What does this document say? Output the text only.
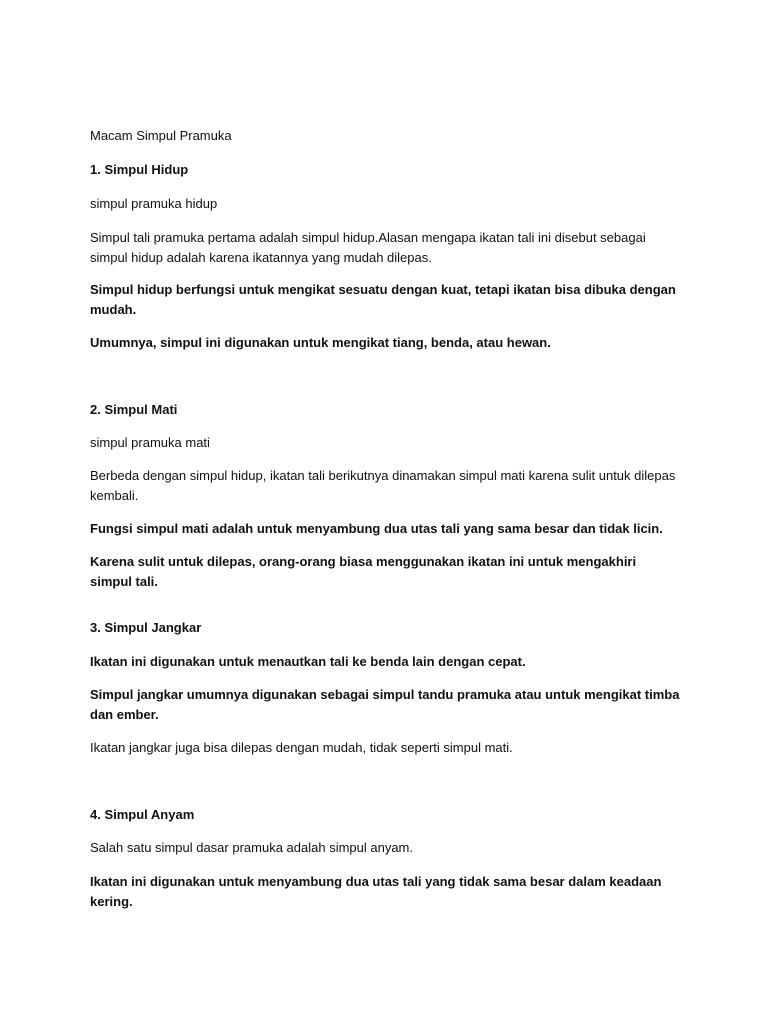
Macam Simpul Pramuka
1. Simpul Hidup
simpul pramuka hidup
Simpul tali pramuka pertama adalah simpul hidup.Alasan mengapa ikatan tali ini disebut sebagai simpul hidup adalah karena ikatannya yang mudah dilepas.
Simpul hidup berfungsi untuk mengikat sesuatu dengan kuat, tetapi ikatan bisa dibuka dengan mudah.
Umumnya, simpul ini digunakan untuk mengikat tiang, benda, atau hewan.
2. Simpul Mati
simpul pramuka mati
Berbeda dengan simpul hidup, ikatan tali berikutnya dinamakan simpul mati karena sulit untuk dilepas kembali.
Fungsi simpul mati adalah untuk menyambung dua utas tali yang sama besar dan tidak licin.
Karena sulit untuk dilepas, orang-orang biasa menggunakan ikatan ini untuk mengakhiri simpul tali.
3. Simpul Jangkar
Ikatan ini digunakan untuk menautkan tali ke benda lain dengan cepat.
Simpul jangkar umumnya digunakan sebagai simpul tandu pramuka atau untuk mengikat timba dan ember.
Ikatan jangkar juga bisa dilepas dengan mudah, tidak seperti simpul mati.
4. Simpul Anyam
Salah satu simpul dasar pramuka adalah simpul anyam.
Ikatan ini digunakan untuk menyambung dua utas tali yang tidak sama besar dalam keadaan kering.
